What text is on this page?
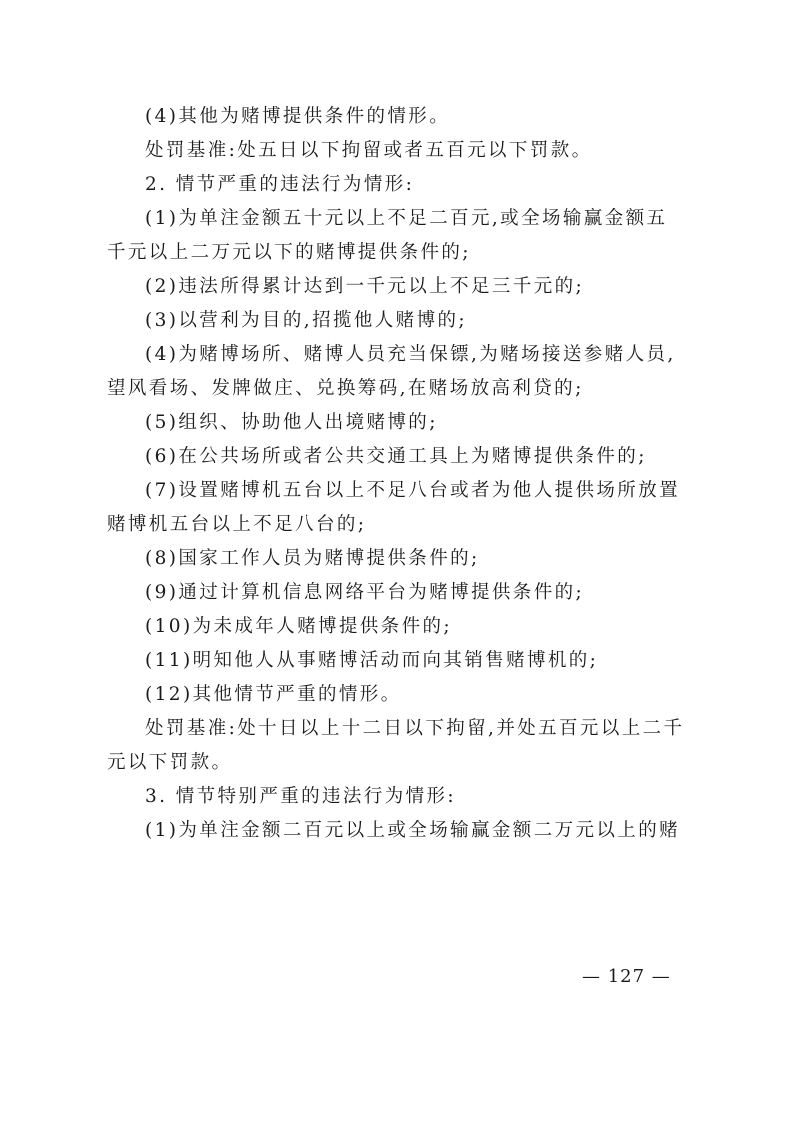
(4)其他为赌博提供条件的情形。

处罚基准:处五日以下拘留或者五百元以下罚款。

2. 情节严重的违法行为情形:

(1)为单注金额五十元以上不足二百元,或全场输赢金额五

千元以上二万元以下的赌博提供条件的;

(2)违法所得累计达到一千元以上不足三千元的;

(3)以营利为目的,招揽他人赌博的;

(4)为赌博场所、赌博人员充当保镖,为赌场接送参赌人员,

望风看场、发牌做庄、兑换筹码,在赌场放高利贷的;

(5)组织、协助他人出境赌博的;

(6)在公共场所或者公共交通工具上为赌博提供条件的;

(7)设置赌博机五台以上不足八台或者为他人提供场所放置

赌博机五台以上不足八台的;

(8)国家工作人员为赌博提供条件的;

(9)通过计算机信息网络平台为赌博提供条件的;

(10)为未成年人赌博提供条件的;

(11)明知他人从事赌博活动而向其销售赌博机的;

(12)其他情节严重的情形。

处罚基准:处十日以上十二日以下拘留,并处五百元以上二千

元以下罚款。

3. 情节特别严重的违法行为情形:

(1)为单注金额二百元以上或全场输赢金额二万元以上的赌

— 127 —
